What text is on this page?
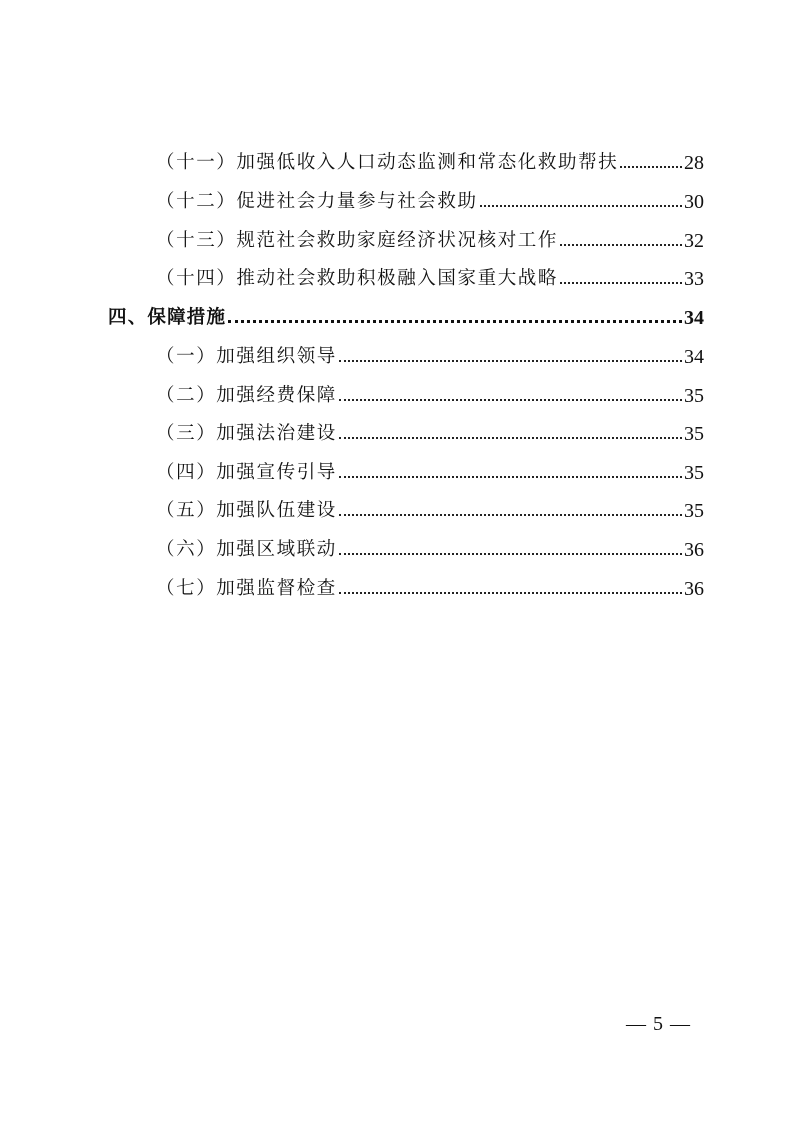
（十一）加强低收入人口动态监测和常态化救助帮扶	28
（十二）促进社会力量参与社会救助	30
（十三）规范社会救助家庭经济状况核对工作	32
（十四）推动社会救助积极融入国家重大战略	33
四、保障措施	34
（一）加强组织领导	34
（二）加强经费保障	35
（三）加强法治建设	35
（四）加强宣传引导	35
（五）加强队伍建设	35
（六）加强区域联动	36
（七）加强监督检查	36
— 5 —
